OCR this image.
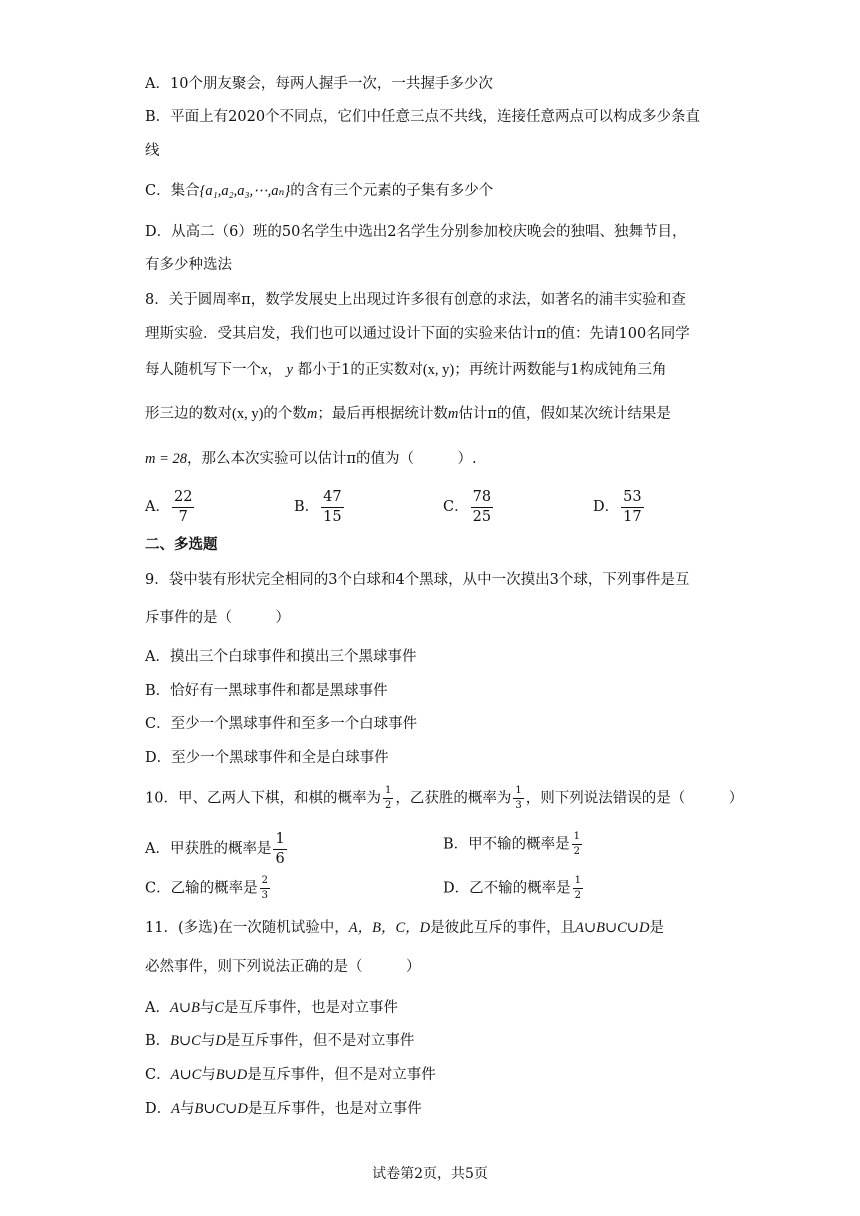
A．10个朋友聚会，每两人握手一次，一共握手多少次
B．平面上有2020个不同点，它们中任意三点不共线，连接任意两点可以构成多少条直
线
C．集合{a₁,a₂,a₃,⋯,aₙ}的含有三个元素的子集有多少个
D．从高二（6）班的50名学生中选出2名学生分别参加校庆晚会的独唱、独舞节目，
有多少种选法
8．关于圆周率π，数学发展史上出现过许多很有创意的求法，如著名的浦丰实验和查
理斯实验．受其启发，我们也可以通过设计下面的实验来估计π的值：先请100名同学
每人随机写下一个x， y 都小于1的正实数对(x, y)；再统计两数能与1构成钝角三角
形三边的数对(x, y)的个数m；最后再根据统计数m估计π的值，假如某次统计结果是
m = 28，那么本次实验可以估计π的值为（　　　）.
A． $\frac{22}{7}$	B． $\frac{47}{15}$	C． $\frac{78}{25}$	D． $\frac{53}{17}$
二、多选题
9．袋中装有形状完全相同的3个白球和4个黑球，从中一次摸出3个球，下列事件是互
斥事件的是（　　　）
A．摸出三个白球事件和摸出三个黑球事件
B．恰好有一黑球事件和都是黑球事件
C．至少一个黑球事件和至多一个白球事件
D．至少一个黑球事件和全是白球事件
10．甲、乙两人下棋，和棋的概率为 $\frac{1}{2}$ ，乙获胜的概率为 $\frac{1}{3}$ ，则下列说法错误的是（　　　）
A．甲获胜的概率是 $\frac{1}{6}$	B．甲不输的概率是 $\frac{1}{2}$
C．乙输的概率是 $\frac{2}{3}$	D．乙不输的概率是 $\frac{1}{2}$
11．(多选)在一次随机试验中，A，B，C，D是彼此互斥的事件，且A∪B∪C∪D是
必然事件，则下列说法正确的是（　　　）
A．A∪B与C是互斥事件，也是对立事件
B．B∪C与D是互斥事件，但不是对立事件
C．A∪C与B∪D是互斥事件，但不是对立事件
D．A与B∪C∪D是互斥事件，也是对立事件
试卷第2页，共5页
